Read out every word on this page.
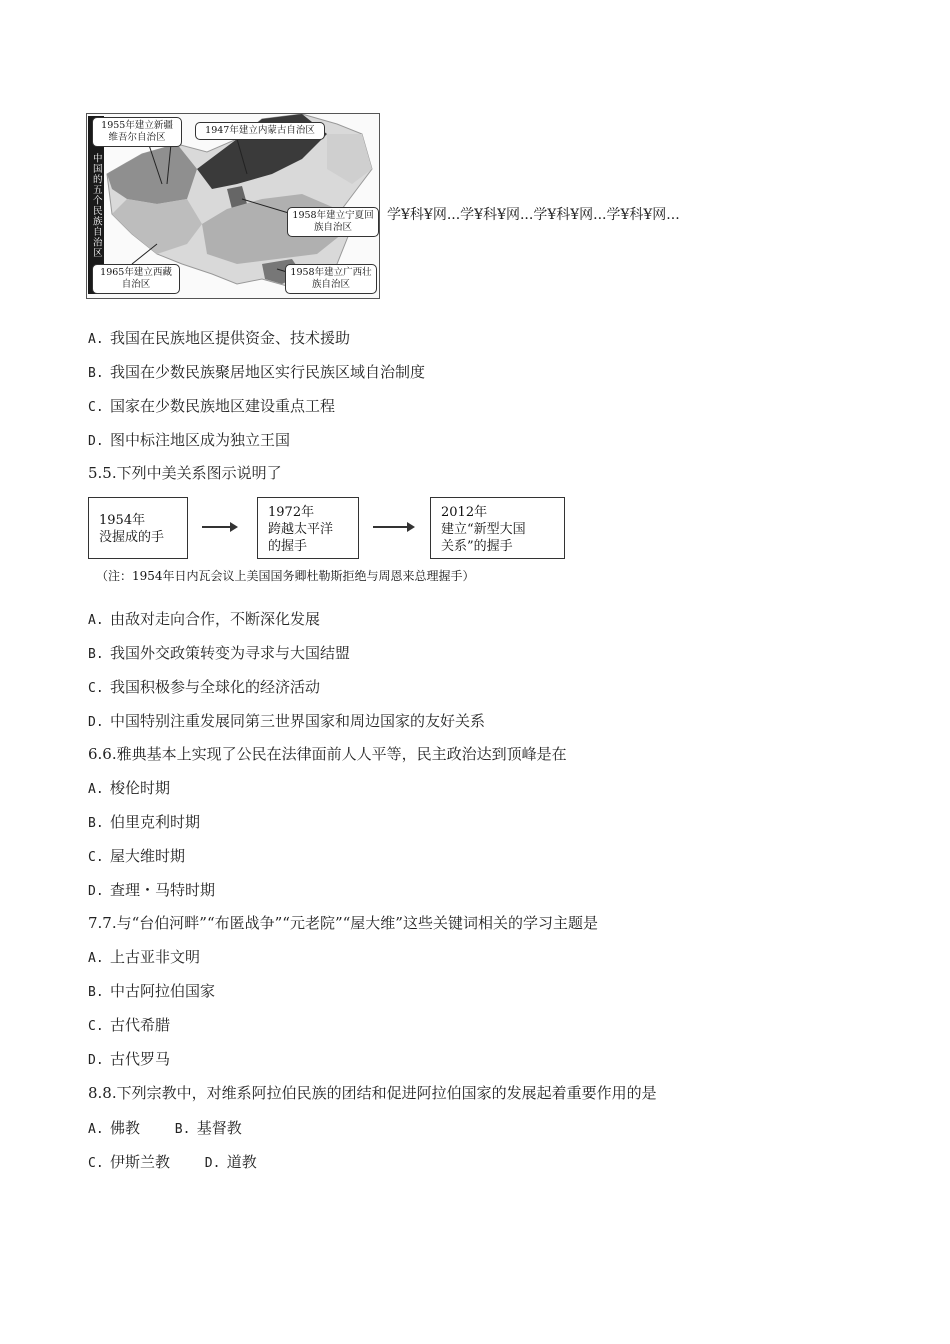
中国的五个民族自治区
1955年建立新疆维吾尔自治区
1947年建立内蒙古自治区
1958年建立宁夏回族自治区
1965年建立西藏自治区
1958年建立广西壮族自治区
学¥科¥网...学¥科¥网...学¥科¥网...学¥科¥网...
A. 我国在民族地区提供资金、技术援助
B. 我国在少数民族聚居地区实行民族区域自治制度
C. 国家在少数民族地区建设重点工程
D. 图中标注地区成为独立王国
5.5.下列中美关系图示说明了
1954年
没握成的手
1972年
跨越太平洋
的握手
2012年
建立“新型大国
关系”的握手
（注：1954年日内瓦会议上美国国务卿杜勒斯拒绝与周恩来总理握手）
A. 由敌对走向合作，不断深化发展
B. 我国外交政策转变为寻求与大国结盟
C. 我国积极参与全球化的经济活动
D. 中国特别注重发展同第三世界国家和周边国家的友好关系
6.6.雅典基本上实现了公民在法律面前人人平等，民主政治达到顶峰是在
A. 梭伦时期
B. 伯里克利时期
C. 屋大维时期
D. 查理・马特时期
7.7.与“台伯河畔”“布匿战争”“元老院”“屋大维”这些关键词相关的学习主题是
A. 上古亚非文明
B. 中古阿拉伯国家
C. 古代希腊
D. 古代罗马
8.8.下列宗教中，对维系阿拉伯民族的团结和促进阿拉伯国家的发展起着重要作用的是
A. 佛教	B. 基督教
C. 伊斯兰教	D. 道教
